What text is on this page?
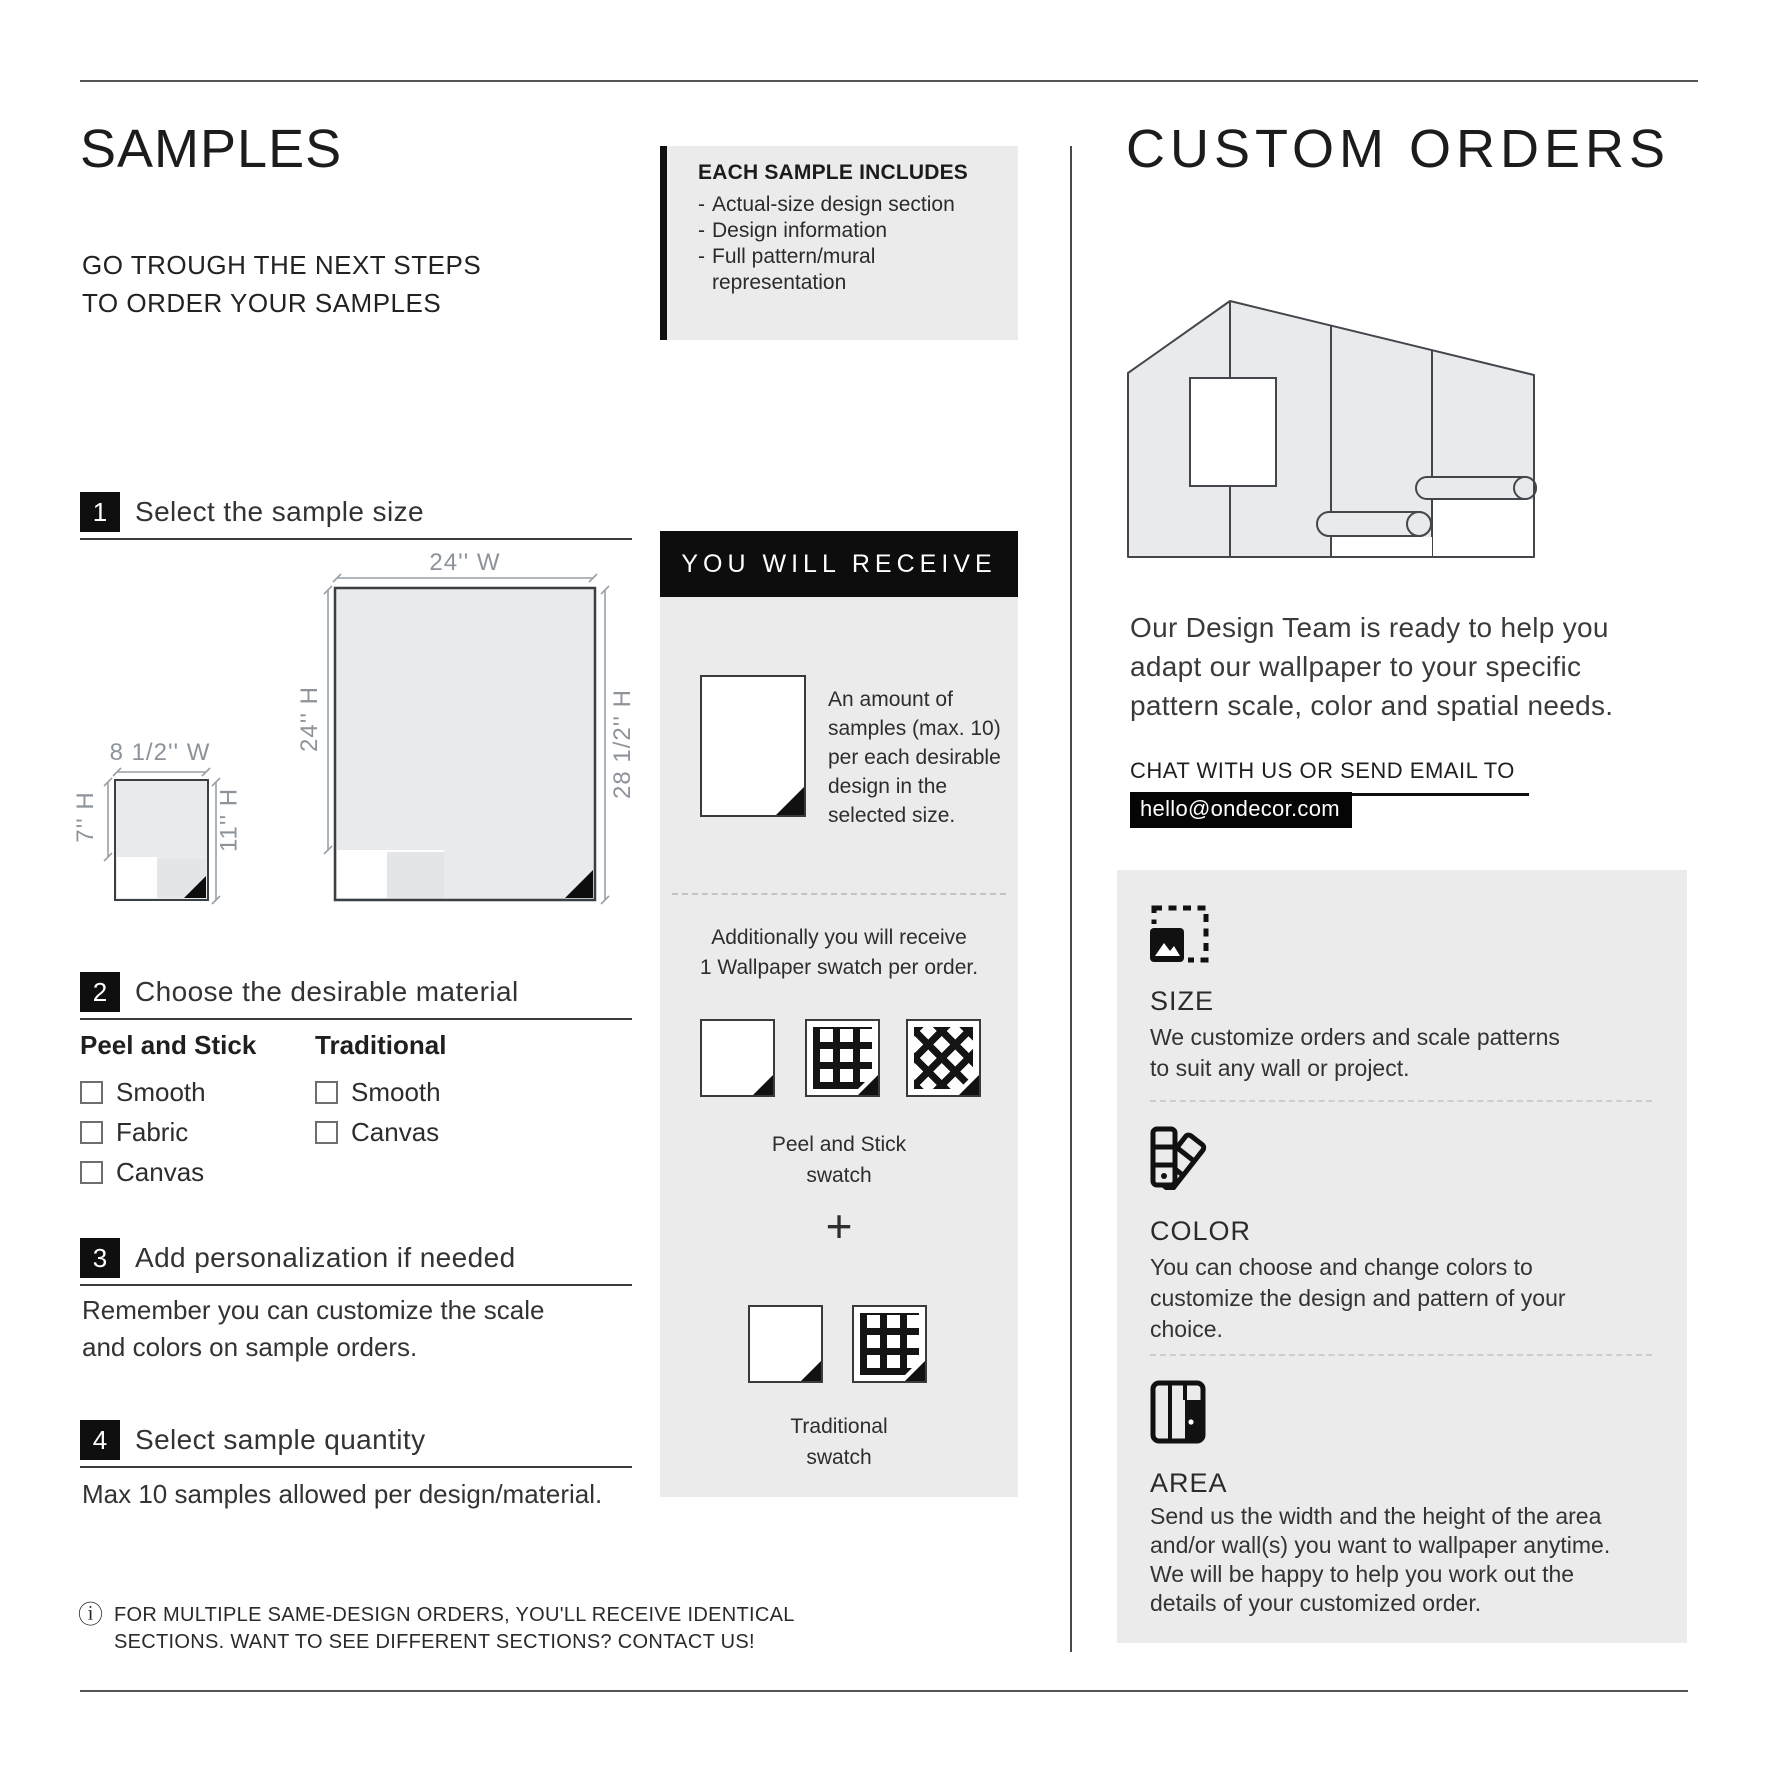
SAMPLES
GO TROUGH THE NEXT STEPS
TO ORDER YOUR SAMPLES
EACH SAMPLE INCLUDES
- Actual-size design section
- Design information
- Full pattern/mural representation
1 Select the sample size
24'' W
24'' H	28 1/2'' H
8 1/2'' W
7'' H	11'' H
2 Choose the desirable material
Peel and Stick
Smooth
Fabric
Canvas
Traditional
Smooth
Canvas
3 Add personalization if needed
Remember you can customize the scale
and colors on sample orders.
4 Select sample quantity
Max 10 samples allowed per design/material.
ⓘ FOR MULTIPLE SAME-DESIGN ORDERS, YOU'LL RECEIVE IDENTICAL
SECTIONS. WANT TO SEE DIFFERENT SECTIONS? CONTACT US!
YOU WILL RECEIVE
An amount of samples (max. 10) per each desirable design in the selected size.
Additionally you will receive
1 Wallpaper swatch per order.
Peel and Stick
swatch
+
Traditional
swatch
CUSTOM ORDERS
Our Design Team is ready to help you
adapt our wallpaper to your specific
pattern scale, color and spatial needs.
CHAT WITH US OR SEND EMAIL TO
hello@ondecor.com
SIZE
We customize orders and scale patterns
to suit any wall or project.
COLOR
You can choose and change colors to
customize the design and pattern of your
choice.
AREA
Send us the width and the height of the area
and/or wall(s) you want to wallpaper anytime.
We will be happy to help you work out the
details of your customized order.
